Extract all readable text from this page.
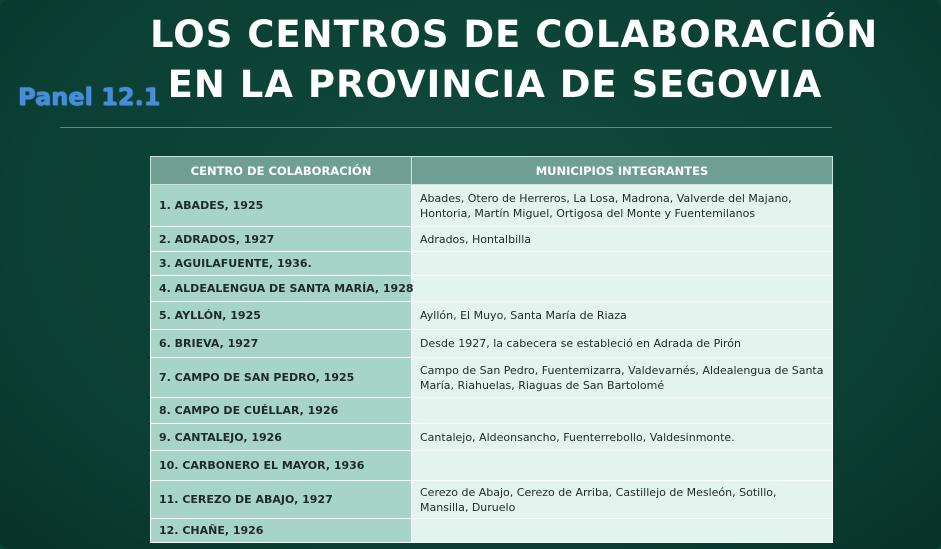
LOS CENTROS DE COLABORACIÓN
EN LA PROVINCIA DE SEGOVIA
Panel 12.1
CENTRO DE COLABORACIÓN	MUNICIPIOS INTEGRANTES
1. ABADES, 1925	Abades, Otero de Herreros, La Losa, Madrona, Valverde del Majano, Hontoria, Martín Miguel, Ortigosa del Monte y Fuentemilanos
2. ADRADOS, 1927	Adrados, Hontalbilla
3. AGUILAFUENTE, 1936.	
4. ALDEALENGUA DE SANTA MARÍA, 1928	
5. AYLLÓN, 1925	Ayllón, El Muyo, Santa María de Riaza
6. BRIEVA, 1927	Desde 1927, la cabecera se estableció en Adrada de Pirón
7. CAMPO DE SAN PEDRO, 1925	Campo de San Pedro, Fuentemizarra, Valdevarnés, Aldealengua de Santa María, Riahuelas, Riaguas de San Bartolomé
8. CAMPO DE CUÉLLAR, 1926	
9. CANTALEJO, 1926	Cantalejo, Aldeonsancho, Fuenterrebollo, Valdesinmonte.
10. CARBONERO EL MAYOR, 1936	
11. CEREZO DE ABAJO, 1927	Cerezo de Abajo, Cerezo de Arriba, Castillejo de Mesleón, Sotillo, Mansilla, Duruelo
12. CHAÑE, 1926	
